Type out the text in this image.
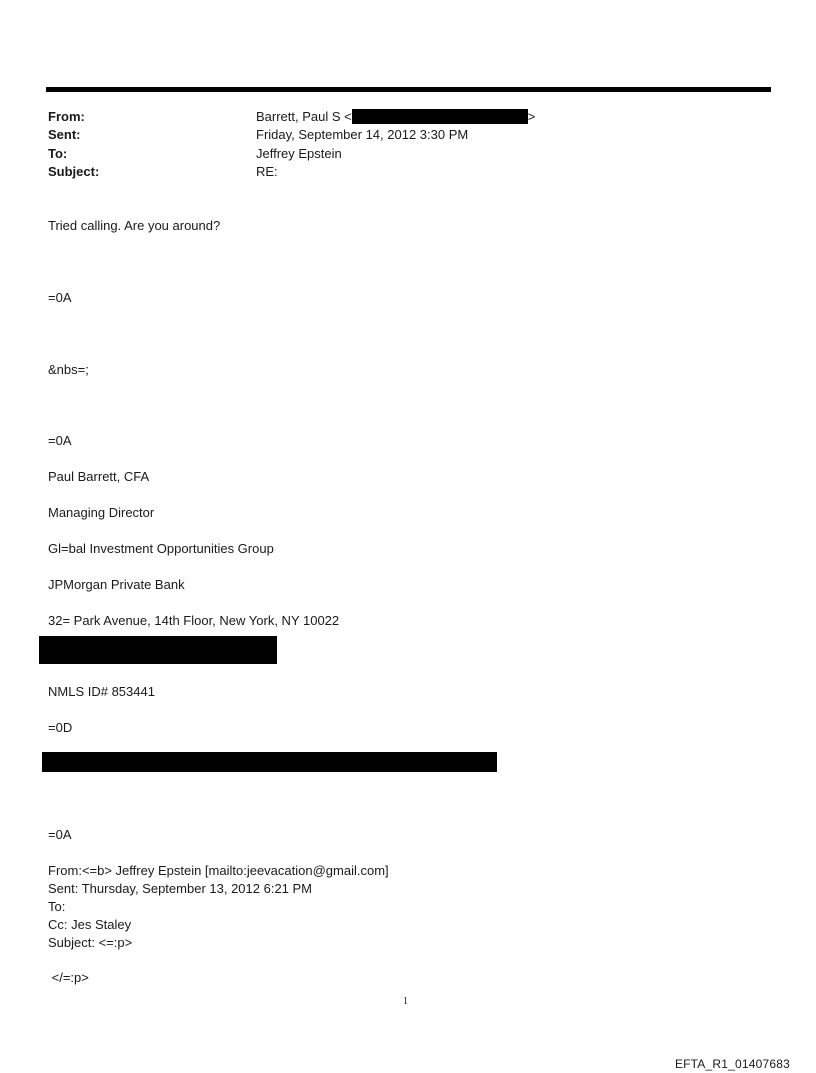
From:	Barrett, Paul S <	>
Sent:	Friday, September 14, 2012 3:30 PM
To:	Jeffrey Epstein
Subject:	RE:
Tried calling. Are you around?
=0A
&nbs=;
=0A
Paul Barrett, CFA
Managing Director
Gl=bal Investment Opportunities Group
JPMorgan Private Bank
32= Park Avenue, 14th Floor, New York, NY 10022
NMLS ID# 853441
=0D
=0A
From:<=b> Jeffrey Epstein [mailto:jeevacation@gmail.com]
Sent: Thursday, September 13, 2012 6:21 PM
To:
Cc: Jes Staley
Subject: <=:p>
</=:p>
1
EFTA_R1_01407683
